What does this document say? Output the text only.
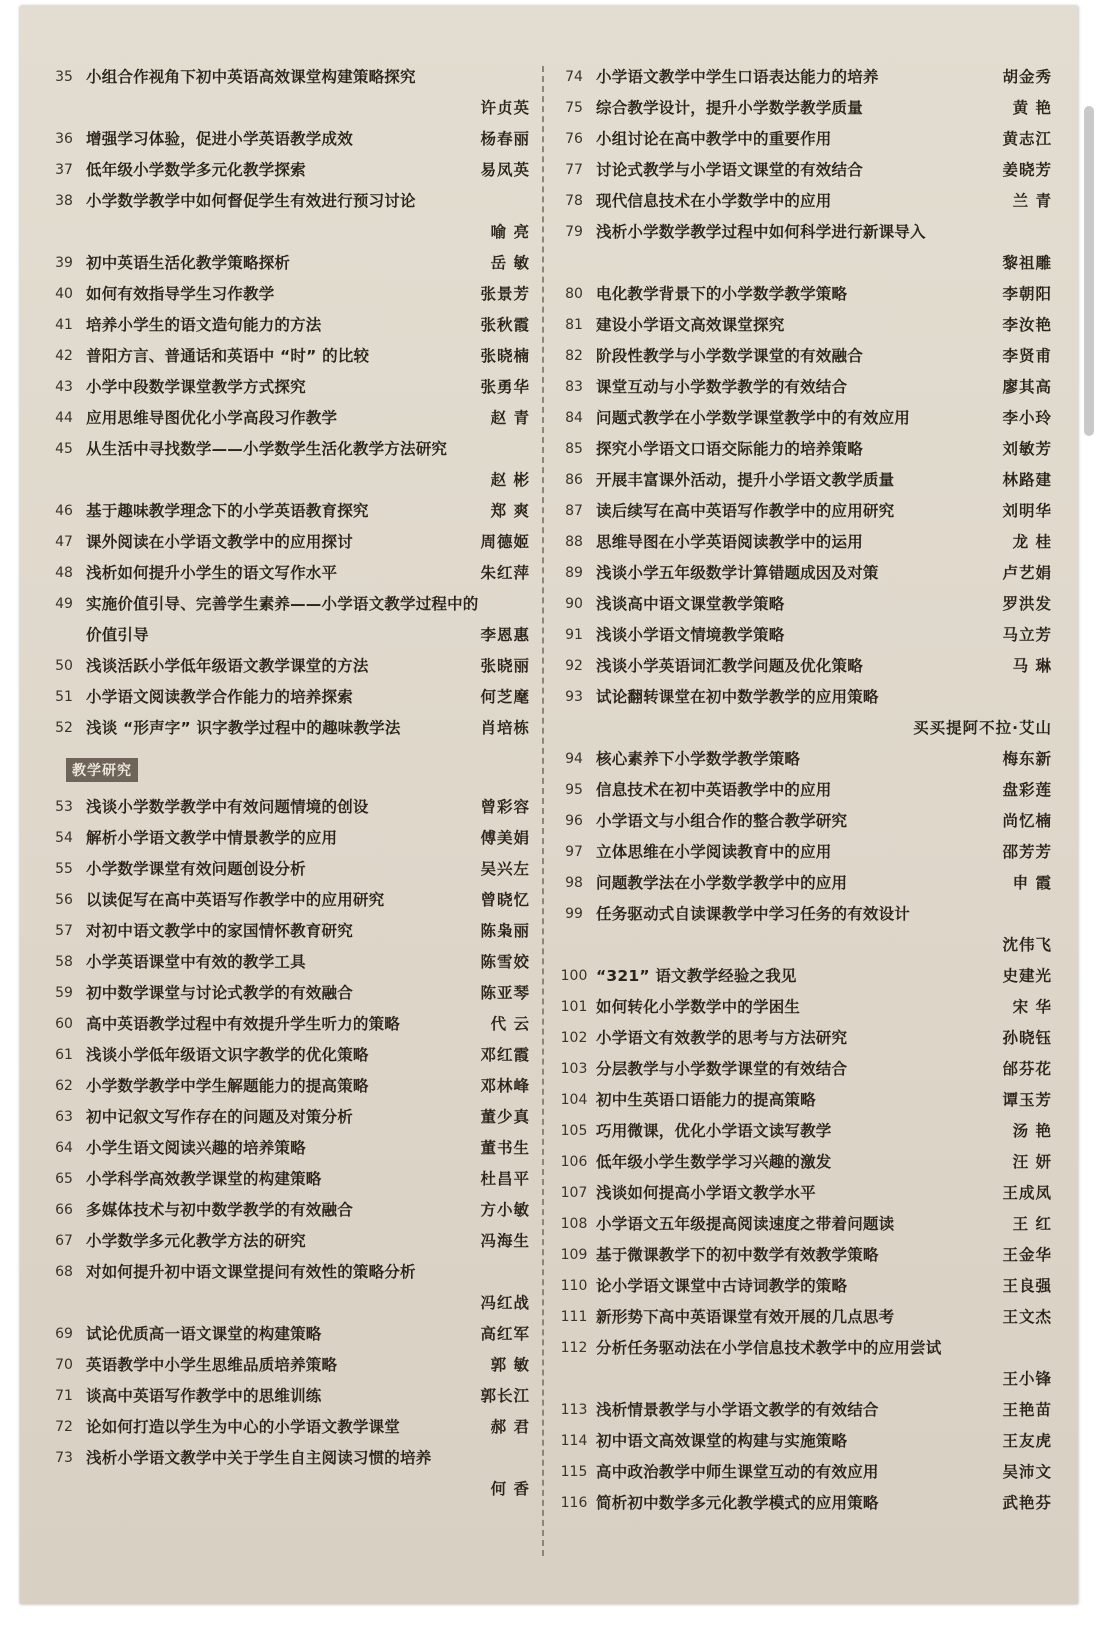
35 小组合作视角下初中英语高效课堂构建策略探究
许贞英
36 增强学习体验，促进小学英语教学成效	杨春丽
37 低年级小学数学多元化教学探索	易凤英
38 小学数学教学中如何督促学生有效进行预习讨论
喻 亮
39 初中英语生活化教学策略探析	岳 敏
40 如何有效指导学生习作教学	张景芳
41 培养小学生的语文造句能力的方法	张秋霞
42 普阳方言、普通话和英语中 “时” 的比较	张晓楠
43 小学中段数学课堂教学方式探究	张勇华
44 应用思维导图优化小学高段习作教学	赵 青
45 从生活中寻找数学——小学数学生活化教学方法研究
赵 彬
46 基于趣味教学理念下的小学英语教育探究	郑 爽
47 课外阅读在小学语文教学中的应用探讨	周德姬
48 浅析如何提升小学生的语文写作水平	朱红萍
49 实施价值引导、完善学生素养——小学语文教学过程中的价值引导	李恩惠
50 浅谈活跃小学低年级语文教学课堂的方法	张晓丽
51 小学语文阅读教学合作能力的培养探索	何芝麾
52 浅谈 “形声字” 识字教学过程中的趣味教学法	肖培栋
教学研究
53 浅谈小学数学教学中有效问题情境的创设	曾彩容
54 解析小学语文教学中情景教学的应用	傅美娟
55 小学数学课堂有效问题创设分析	吴兴左
56 以读促写在高中英语写作教学中的应用研究	曾晓忆
57 对初中语文教学中的家国情怀教育研究	陈枭丽
58 小学英语课堂中有效的教学工具	陈雪姣
59 初中数学课堂与讨论式教学的有效融合	陈亚琴
60 高中英语教学过程中有效提升学生听力的策略	代 云
61 浅谈小学低年级语文识字教学的优化策略	邓红霞
62 小学数学教学中学生解题能力的提高策略	邓林峰
63 初中记叙文写作存在的问题及对策分析	董少真
64 小学生语文阅读兴趣的培养策略	董书生
65 小学科学高效教学课堂的构建策略	杜昌平
66 多媒体技术与初中数学教学的有效融合	方小敏
67 小学数学多元化教学方法的研究	冯海生
68 对如何提升初中语文课堂提问有效性的策略分析
冯红战
69 试论优质高一语文课堂的构建策略	高红军
70 英语教学中小学生思维品质培养策略	郭 敏
71 谈高中英语写作教学中的思维训练	郭长江
72 论如何打造以学生为中心的小学语文教学课堂	郝 君
73 浅析小学语文教学中关于学生自主阅读习惯的培养
何 香
74 小学语文教学中学生口语表达能力的培养	胡金秀
75 综合教学设计，提升小学数学教学质量	黄 艳
76 小组讨论在高中教学中的重要作用	黄志江
77 讨论式教学与小学语文课堂的有效结合	姜晓芳
78 现代信息技术在小学数学中的应用	兰 青
79 浅析小学数学教学过程中如何科学进行新课导入
黎祖雕
80 电化教学背景下的小学数学教学策略	李朝阳
81 建设小学语文高效课堂探究	李汝艳
82 阶段性教学与小学数学课堂的有效融合	李贤甫
83 课堂互动与小学数学教学的有效结合	廖其高
84 问题式教学在小学数学课堂教学中的有效应用	李小玲
85 探究小学语文口语交际能力的培养策略	刘敏芳
86 开展丰富课外活动，提升小学语文教学质量	林路建
87 读后续写在高中英语写作教学中的应用研究	刘明华
88 思维导图在小学英语阅读教学中的运用	龙 桂
89 浅谈小学五年级数学计算错题成因及对策	卢艺娟
90 浅谈高中语文课堂教学策略	罗洪发
91 浅谈小学语文情境教学策略	马立芳
92 浅谈小学英语词汇教学问题及优化策略	马 琳
93 试论翻转课堂在初中数学教学的应用策略
买买提阿不拉·艾山
94 核心素养下小学数学教学策略	梅东新
95 信息技术在初中英语教学中的应用	盘彩莲
96 小学语文与小组合作的整合教学研究	尚忆楠
97 立体思维在小学阅读教育中的应用	邵芳芳
98 问题教学法在小学数学教学中的应用	申 霞
99 任务驱动式自读课教学中学习任务的有效设计
沈伟飞
100 “321” 语文教学经验之我见	史建光
101 如何转化小学数学中的学困生	宋 华
102 小学语文有效教学的思考与方法研究	孙晓钰
103 分层教学与小学数学课堂的有效结合	邰芬花
104 初中生英语口语能力的提高策略	谭玉芳
105 巧用微课，优化小学语文读写教学	汤 艳
106 低年级小学生数学学习兴趣的激发	汪 妍
107 浅谈如何提高小学语文教学水平	王成凤
108 小学语文五年级提高阅读速度之带着问题读	王 红
109 基于微课教学下的初中数学有效教学策略	王金华
110 论小学语文课堂中古诗词教学的策略	王良强
111 新形势下高中英语课堂有效开展的几点思考	王文杰
112 分析任务驱动法在小学信息技术教学中的应用尝试
王小锋
113 浅析情景教学与小学语文教学的有效结合	王艳苗
114 初中语文高效课堂的构建与实施策略	王友虎
115 高中政治教学中师生课堂互动的有效应用	吴沛文
116 简析初中数学多元化教学模式的应用策略	武艳芬
